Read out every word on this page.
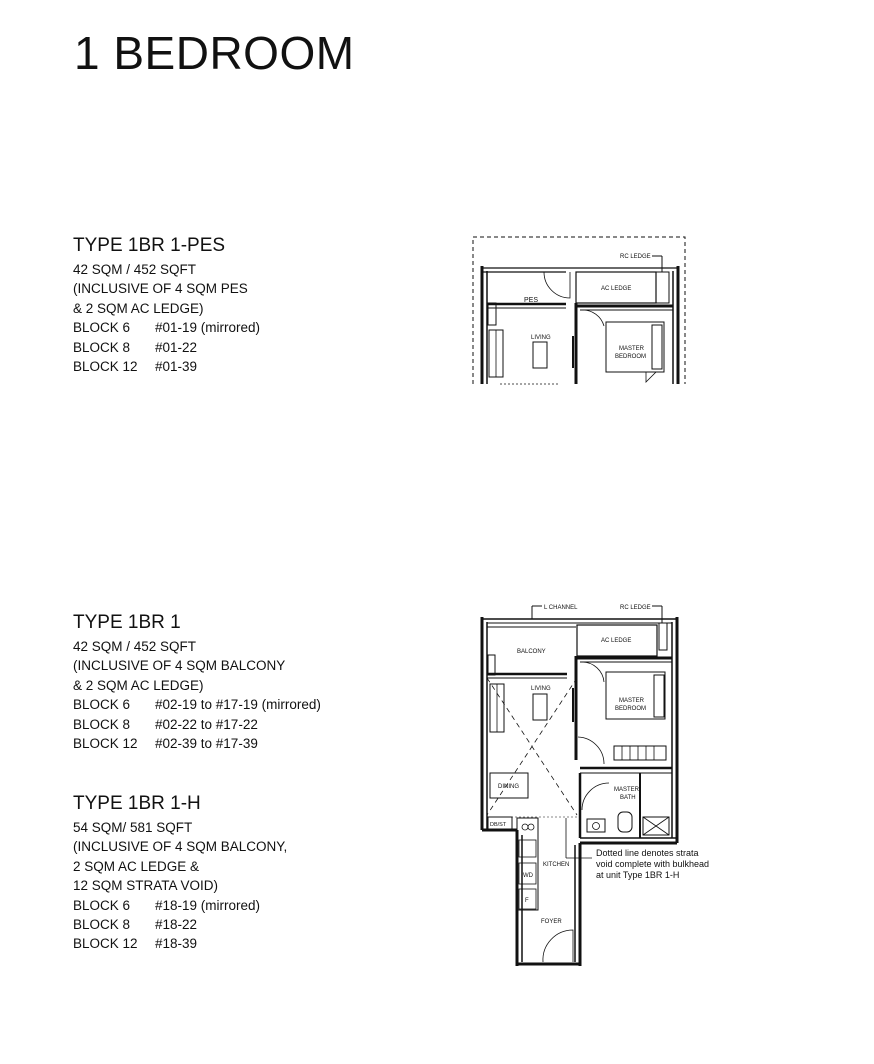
1 BEDROOM
TYPE 1BR 1-PES
42 SQM / 452 SQFT
(INCLUSIVE OF 4 SQM PES
& 2 SQM AC LEDGE)
BLOCK 6 #01-19 (mirrored)
BLOCK 8 #01-22
BLOCK 12 #01-39
TYPE 1BR 1
42 SQM / 452 SQFT
(INCLUSIVE OF 4 SQM BALCONY
& 2 SQM AC LEDGE)
BLOCK 6 #02-19 to #17-19 (mirrored)
BLOCK 8 #02-22 to #17-22
BLOCK 12 #02-39 to #17-39
TYPE 1BR 1-H
54 SQM/ 581 SQFT
(INCLUSIVE OF 4 SQM BALCONY,
2 SQM AC LEDGE &
12 SQM STRATA VOID)
BLOCK 6 #18-19 (mirrored)
BLOCK 8 #18-22
BLOCK 12 #18-39
RC LEDGE
AC LEDGE
PES
LIVING
MASTER
BEDROOM
L CHANNEL	RC LEDGE
AC LEDGE
BALCONY
LIVING
MASTER
BEDROOM
DINING	MASTER
BATH
DB/ST
KITCHEN
WD
F
FOYER
Dotted line denotes strata
void complete with bulkhead
at unit Type 1BR 1-H
